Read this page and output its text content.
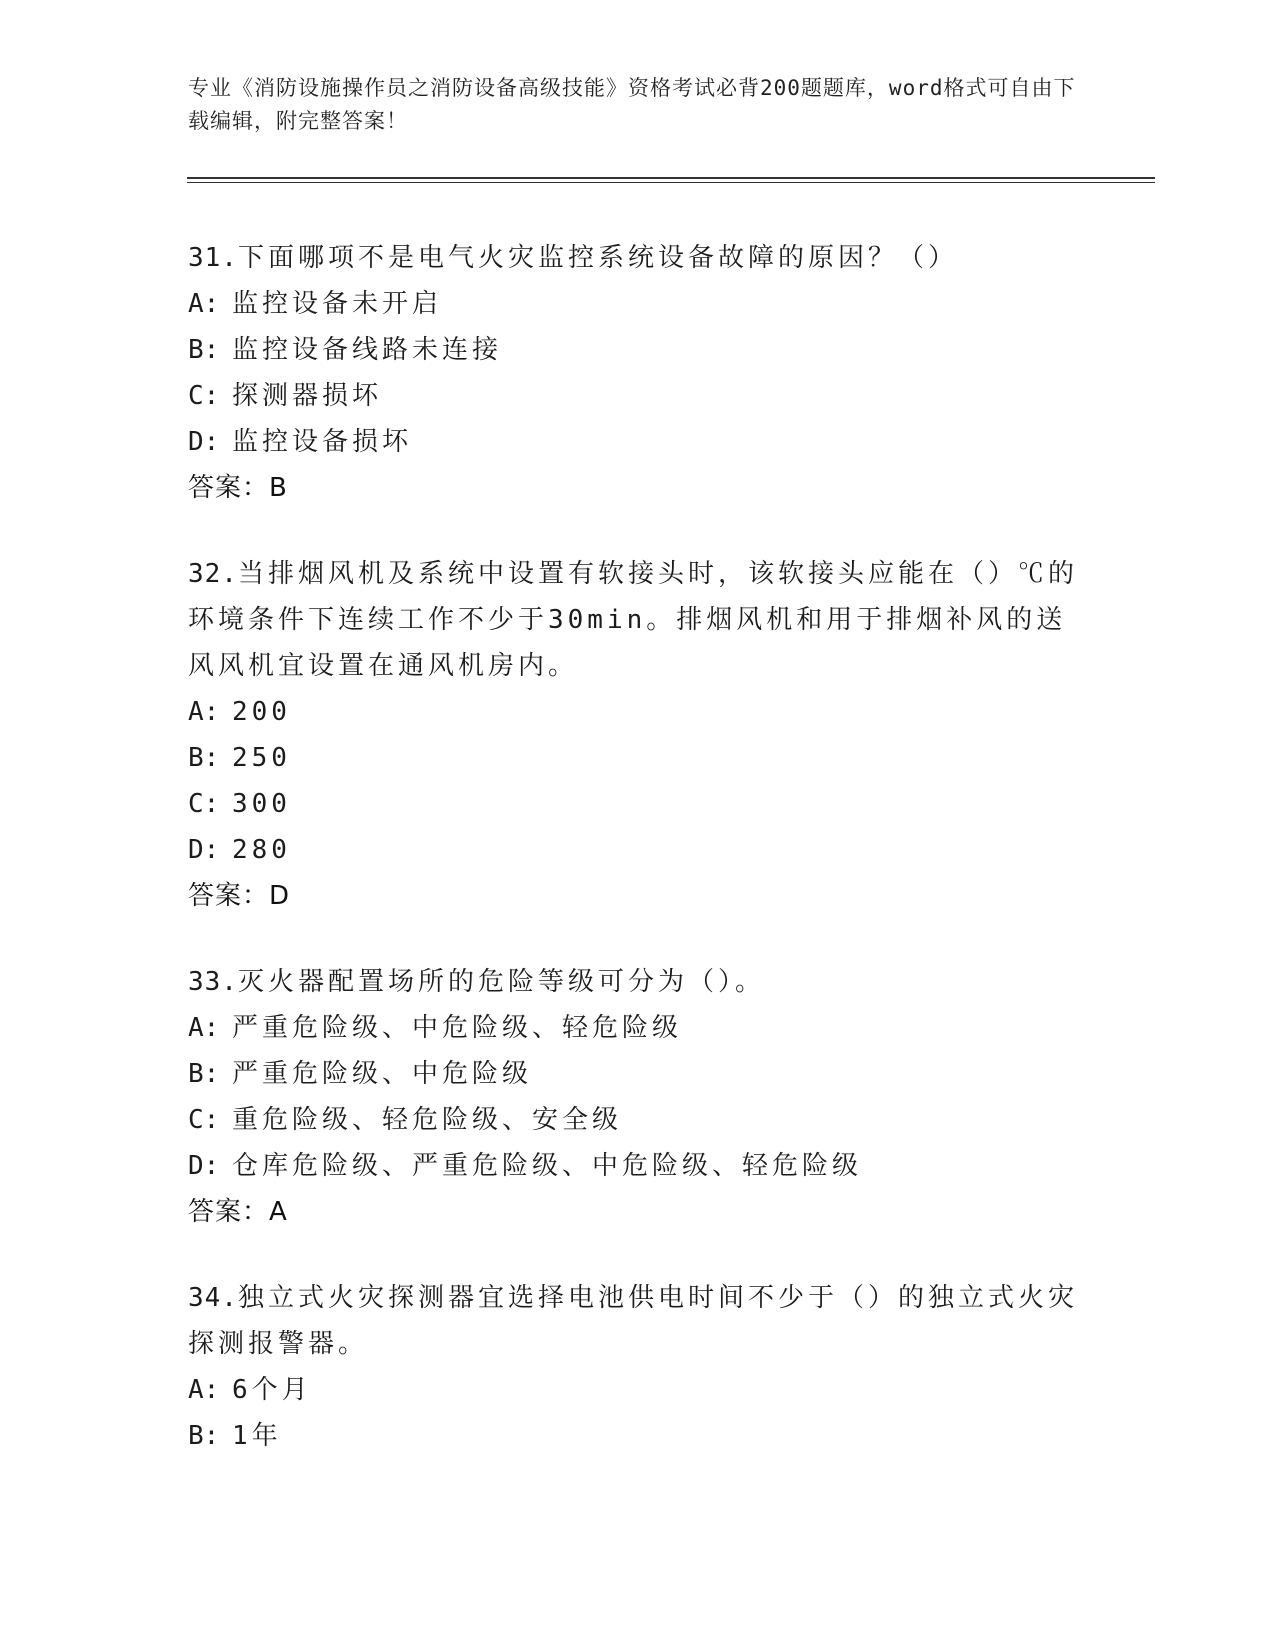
专业《消防设施操作员之消防设备高级技能》资格考试必背200题题库，word格式可自由下载编辑，附完整答案！
31.下面哪项不是电气火灾监控系统设备故障的原因？（）
A: 监控设备未开启
B: 监控设备线路未连接
C: 探测器损坏
D: 监控设备损坏
答案：B
32.当排烟风机及系统中设置有软接头时，该软接头应能在（）℃的环境条件下连续工作不少于30min。排烟风机和用于排烟补风的送风风机宜设置在通风机房内。
A: 200
B: 250
C: 300
D: 280
答案：D
33.灭火器配置场所的危险等级可分为（）。
A: 严重危险级、中危险级、轻危险级
B: 严重危险级、中危险级
C: 重危险级、轻危险级、安全级
D: 仓库危险级、严重危险级、中危险级、轻危险级
答案：A
34.独立式火灾探测器宜选择电池供电时间不少于（）的独立式火灾探测报警器。
A: 6个月
B: 1年
